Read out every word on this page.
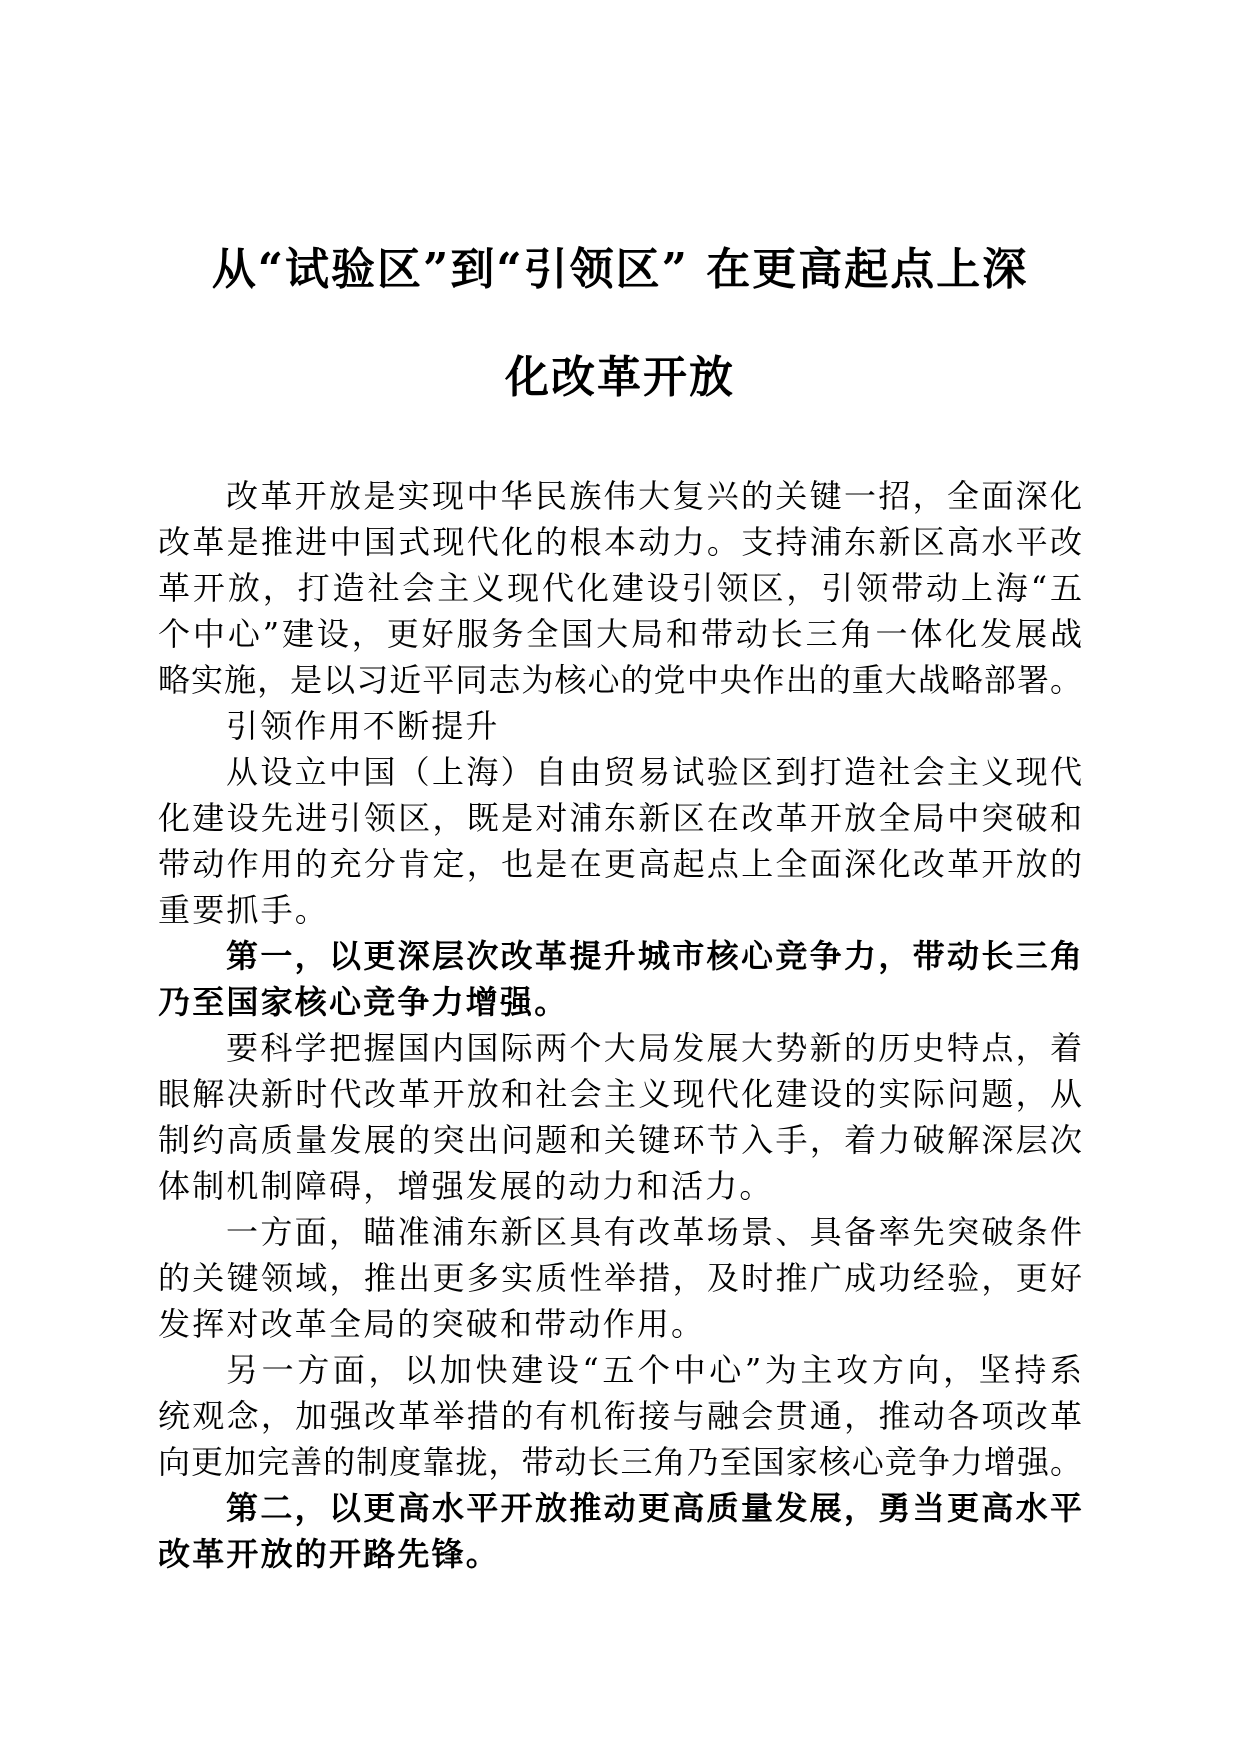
从“试验区”到“引领区” 在更高起点上深
化改革开放
改革开放是实现中华民族伟大复兴的关键一招，全面深化
改革是推进中国式现代化的根本动力。支持浦东新区高水平改
革开放，打造社会主义现代化建设引领区，引领带动上海“五
个中心”建设，更好服务全国大局和带动长三角一体化发展战
略实施，是以习近平同志为核心的党中央作出的重大战略部署。
引领作用不断提升
从设立中国（上海）自由贸易试验区到打造社会主义现代
化建设先进引领区，既是对浦东新区在改革开放全局中突破和
带动作用的充分肯定，也是在更高起点上全面深化改革开放的
重要抓手。
第一，以更深层次改革提升城市核心竞争力，带动长三角
乃至国家核心竞争力增强。
要科学把握国内国际两个大局发展大势新的历史特点，着
眼解决新时代改革开放和社会主义现代化建设的实际问题，从
制约高质量发展的突出问题和关键环节入手，着力破解深层次
体制机制障碍，增强发展的动力和活力。
一方面，瞄准浦东新区具有改革场景、具备率先突破条件
的关键领域，推出更多实质性举措，及时推广成功经验，更好
发挥对改革全局的突破和带动作用。
另一方面，以加快建设“五个中心”为主攻方向，坚持系
统观念，加强改革举措的有机衔接与融会贯通，推动各项改革
向更加完善的制度靠拢，带动长三角乃至国家核心竞争力增强。
第二，以更高水平开放推动更高质量发展，勇当更高水平
改革开放的开路先锋。
